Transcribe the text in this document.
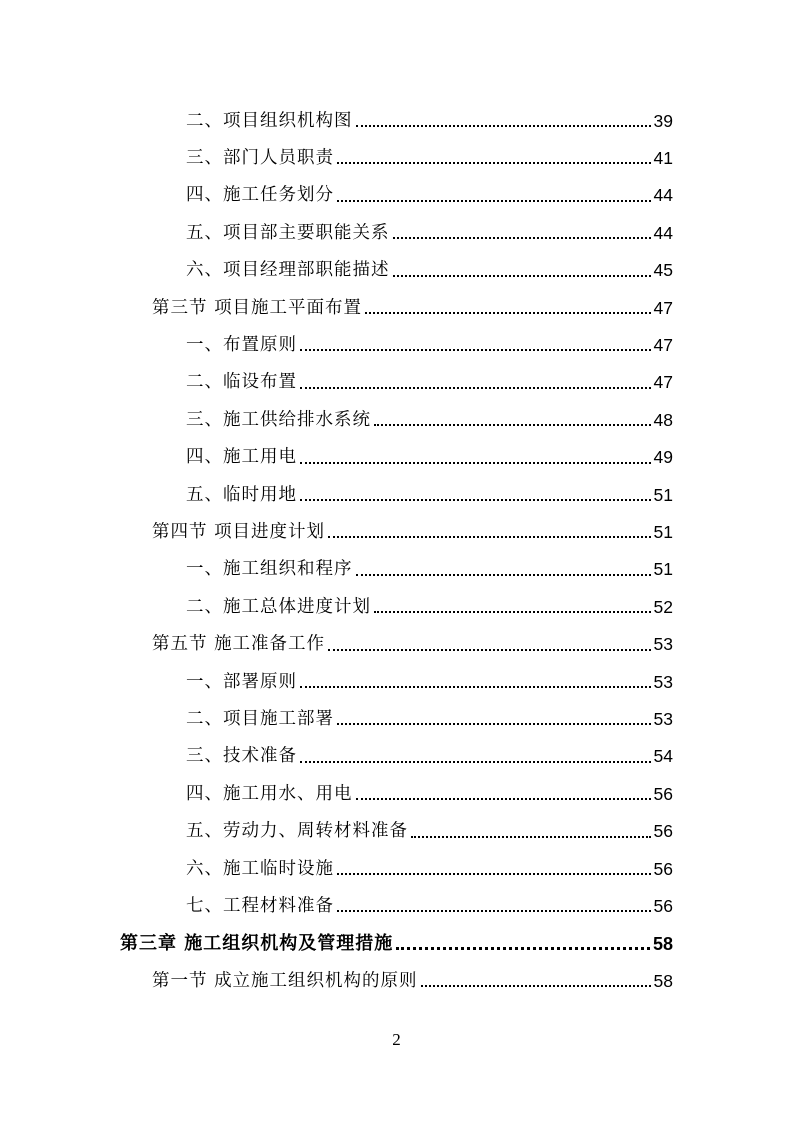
二、项目组织机构图	39
三、部门人员职责	41
四、施工任务划分	44
五、项目部主要职能关系	44
六、项目经理部职能描述	45
第三节 项目施工平面布置	47
一、布置原则	47
二、临设布置	47
三、施工供给排水系统	48
四、施工用电	49
五、临时用地	51
第四节 项目进度计划	51
一、施工组织和程序	51
二、施工总体进度计划	52
第五节 施工准备工作	53
一、部署原则	53
二、项目施工部署	53
三、技术准备	54
四、施工用水、用电	56
五、劳动力、周转材料准备	56
六、施工临时设施	56
七、工程材料准备	56
第三章 施工组织机构及管理措施	58
第一节 成立施工组织机构的原则	58
2
